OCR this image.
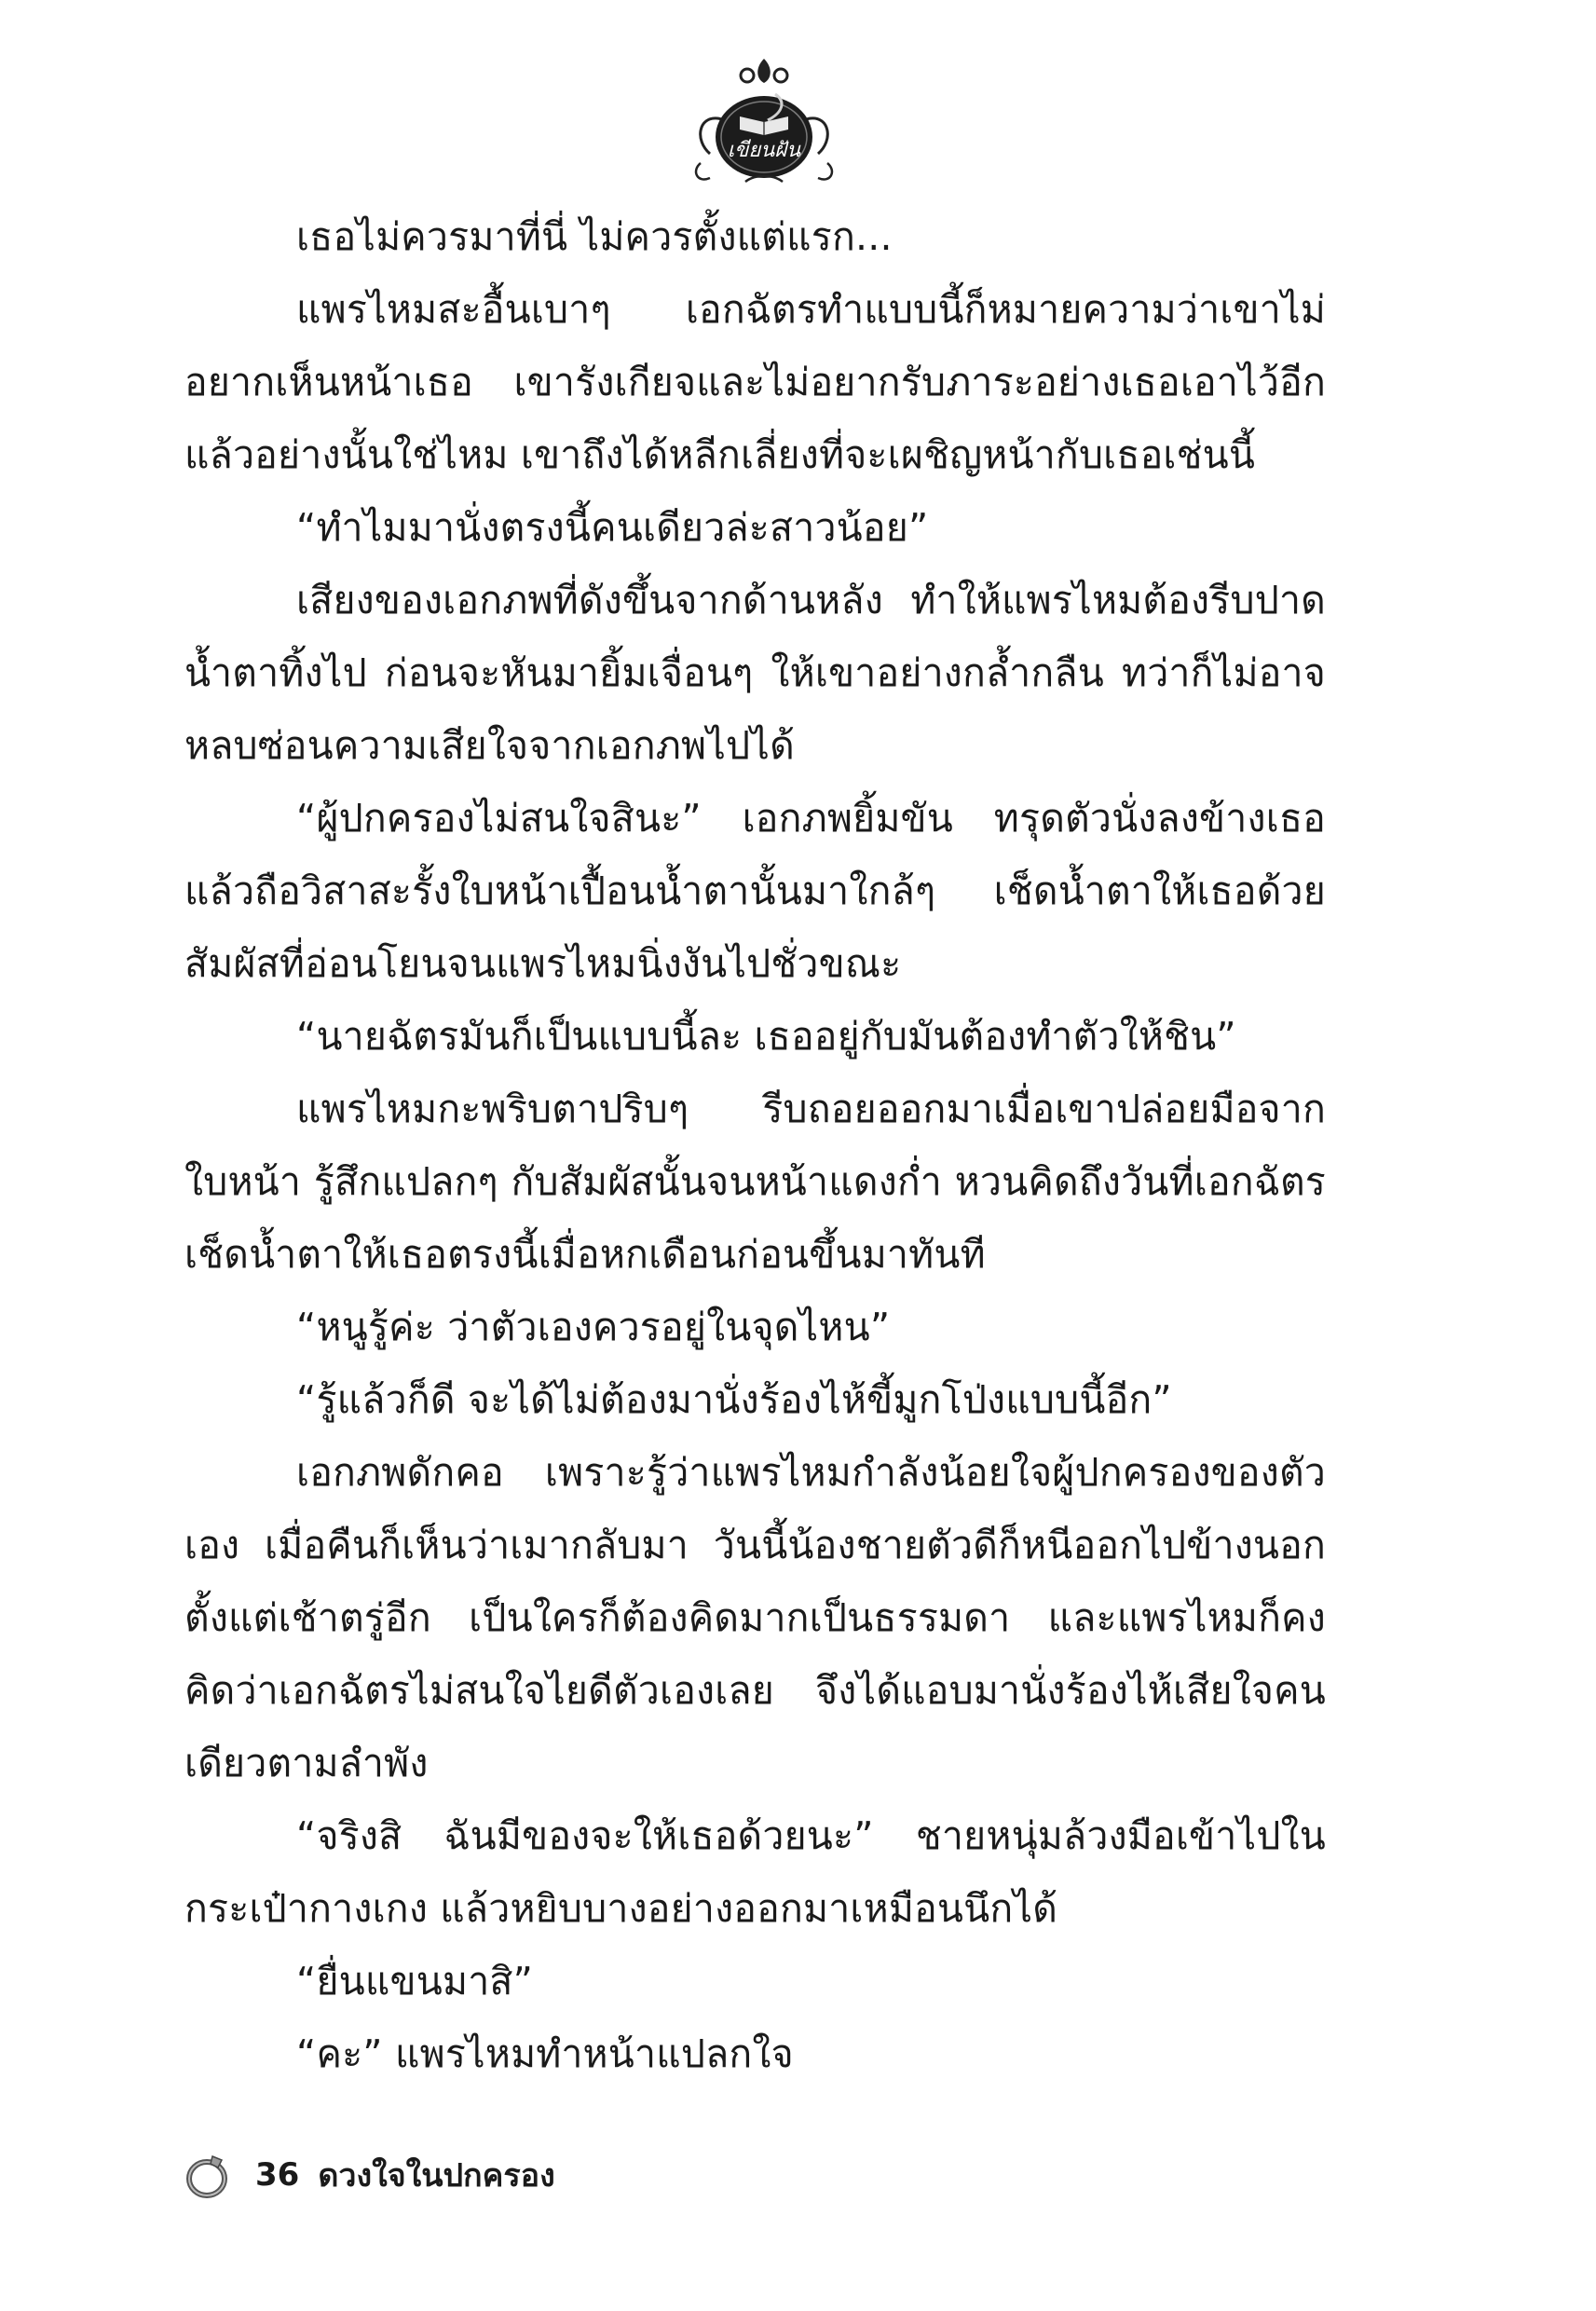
เขียนฝัน

เธอไม่ควรมาที่นี่ ไม่ควรตั้งแต่แรก...

แพรไหมสะอื้นเบาๆ เอกฉัตรทำแบบนี้ก็หมายความว่าเขาไม่อยากเห็นหน้าเธอ เขารังเกียจและไม่อยากรับภาระอย่างเธอเอาไว้อีกแล้วอย่างนั้นใช่ไหม เขาถึงได้หลีกเลี่ยงที่จะเผชิญหน้ากับเธอเช่นนี้

“ทำไมมานั่งตรงนี้คนเดียวล่ะสาวน้อย”

เสียงของเอกภพที่ดังขึ้นจากด้านหลัง ทำให้แพรไหมต้องรีบปาดน้ำตาทิ้งไป ก่อนจะหันมายิ้มเจื่อนๆ ให้เขาอย่างกล้ำกลืน ทว่าก็ไม่อาจหลบซ่อนความเสียใจจากเอกภพไปได้

“ผู้ปกครองไม่สนใจสินะ” เอกภพยิ้มขัน ทรุดตัวนั่งลงข้างเธอแล้วถือวิสาสะรั้งใบหน้าเปื้อนน้ำตานั้นมาใกล้ๆ เช็ดน้ำตาให้เธอด้วยสัมผัสที่อ่อนโยนจนแพรไหมนิ่งงันไปชั่วขณะ

“นายฉัตรมันก็เป็นแบบนี้ละ เธออยู่กับมันต้องทำตัวให้ชิน”

แพรไหมกะพริบตาปริบๆ รีบถอยออกมาเมื่อเขาปล่อยมือจากใบหน้า รู้สึกแปลกๆ กับสัมผัสนั้นจนหน้าแดงก่ำ หวนคิดถึงวันที่เอกฉัตรเช็ดน้ำตาให้เธอตรงนี้เมื่อหกเดือนก่อนขึ้นมาทันที

“หนูรู้ค่ะ ว่าตัวเองควรอยู่ในจุดไหน”

“รู้แล้วก็ดี จะได้ไม่ต้องมานั่งร้องไห้ขี้มูกโป่งแบบนี้อีก”

เอกภพดักคอ เพราะรู้ว่าแพรไหมกำลังน้อยใจผู้ปกครองของตัวเอง เมื่อคืนก็เห็นว่าเมากลับมา วันนี้น้องชายตัวดีก็หนีออกไปข้างนอกตั้งแต่เช้าตรู่อีก เป็นใครก็ต้องคิดมากเป็นธรรมดา และแพรไหมก็คงคิดว่าเอกฉัตรไม่สนใจไยดีตัวเองเลย จึงได้แอบมานั่งร้องไห้เสียใจคนเดียวตามลำพัง

“จริงสิ ฉันมีของจะให้เธอด้วยนะ” ชายหนุ่มล้วงมือเข้าไปในกระเป๋ากางเกง แล้วหยิบบางอย่างออกมาเหมือนนึกได้

“ยื่นแขนมาสิ”

“คะ” แพรไหมทำหน้าแปลกใจ

36 ดวงใจในปกครอง
